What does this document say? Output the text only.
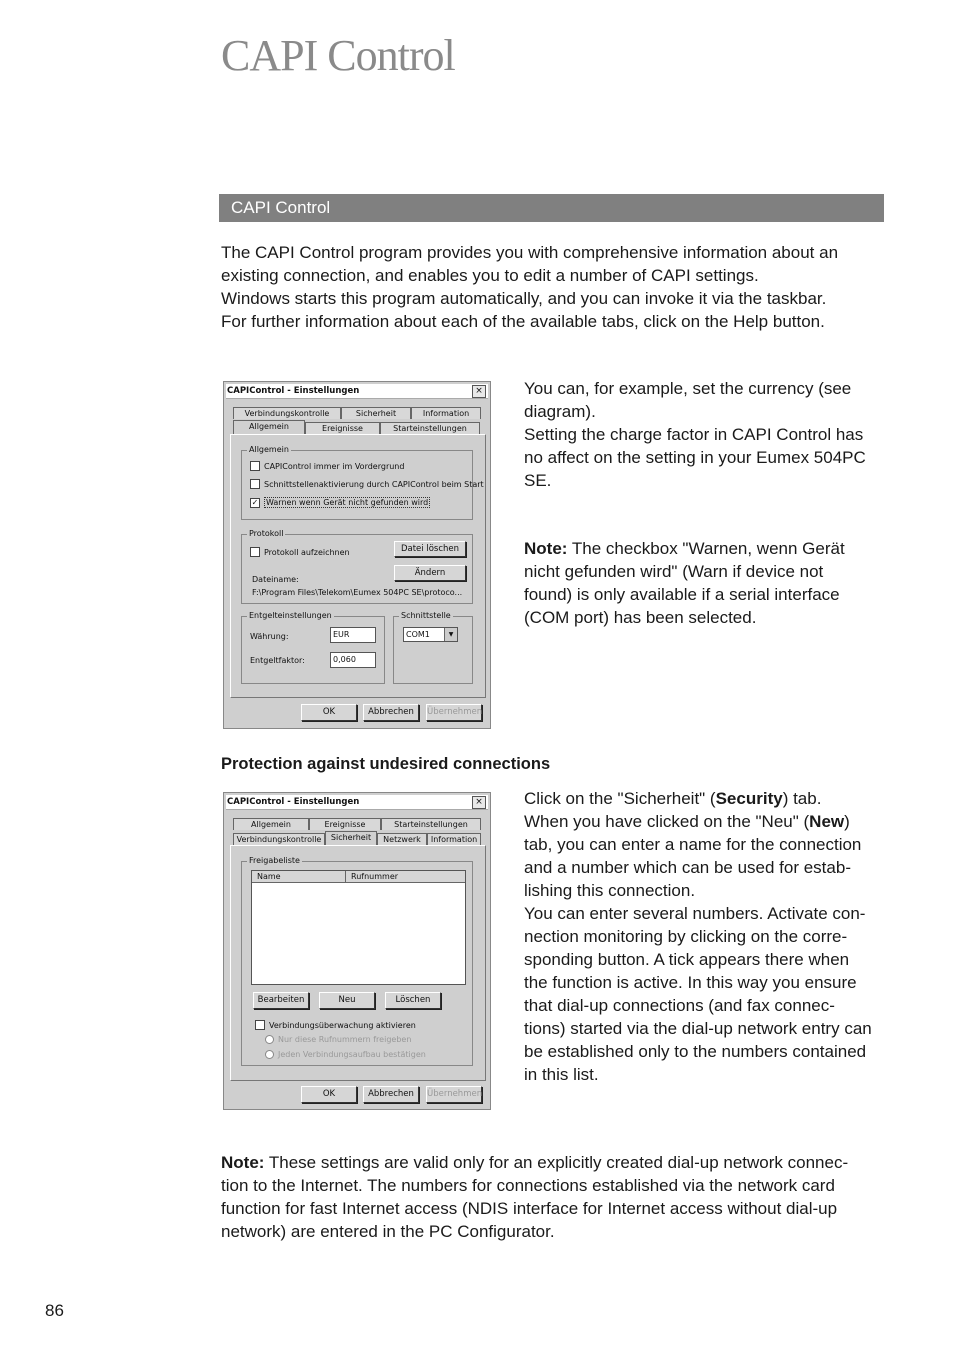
CAPI Control
CAPI Control
The CAPI Control program provides you with comprehensive information about an
existing connection, and enables you to edit a number of CAPI settings.
Windows starts this program automatically, and you can invoke it via the taskbar.
For further information about each of the available tabs, click on the Help button.
CAPIControl - Einstellungen	×
Verbindungskontrolle	Sicherheit	Information
Allgemein	Ereignisse	Starteinstellungen
Allgemein
CAPIControl immer im Vordergrund
Schnittstellenaktivierung durch CAPIControl beim Start
✓ Warnen wenn Gerät nicht gefunden wird
Protokoll
Protokoll aufzeichnen	Datei löschen
Ändern
Dateiname:
F:\Program Files\Telekom\Eumex 504PC SE\protoco...
Entgelteinstellungen
Währung:	EUR
Entgeltfaktor:	0,060
Schnittstelle
COM1	▼
OK	Abbrechen	Übernehmen
You can, for example, set the currency (see
diagram).
Setting the charge factor in CAPI Control has
no affect on the setting in your Eumex 504PC
SE.
Note: The checkbox "Warnen, wenn Gerät
nicht gefunden wird" (Warn if device not
found) is only available if a serial interface
(COM port) has been selected.
Protection against undesired connections
CAPIControl - Einstellungen	×
Allgemein	Ereignisse	Starteinstellungen
Verbindungskontrolle	Sicherheit	Netzwerk	Information
Freigabeliste
Name	Rufnummer
Bearbeiten	Neu	Löschen
Verbindungsüberwachung aktivieren
Nur diese Rufnummern freigeben
Jeden Verbindungsaufbau bestätigen
OK	Abbrechen	Übernehmen
Click on the "Sicherheit" (Security) tab.
When you have clicked on the "Neu" (New)
tab, you can enter a name for the connection
and a number which can be used for estab-
lishing this connection.
You can enter several numbers. Activate con-
nection monitoring by clicking on the corre-
sponding button. A tick appears there when
the function is active. In this way you ensure
that dial-up connections (and fax connec-
tions) started via the dial-up network entry can
be established only to the numbers contained
in this list.
Note: These settings are valid only for an explicitly created dial-up network connec-
tion to the Internet. The numbers for connections established via the network card
function for fast Internet access (NDIS interface for Internet access without dial-up
network) are entered in the PC Configurator.
86
